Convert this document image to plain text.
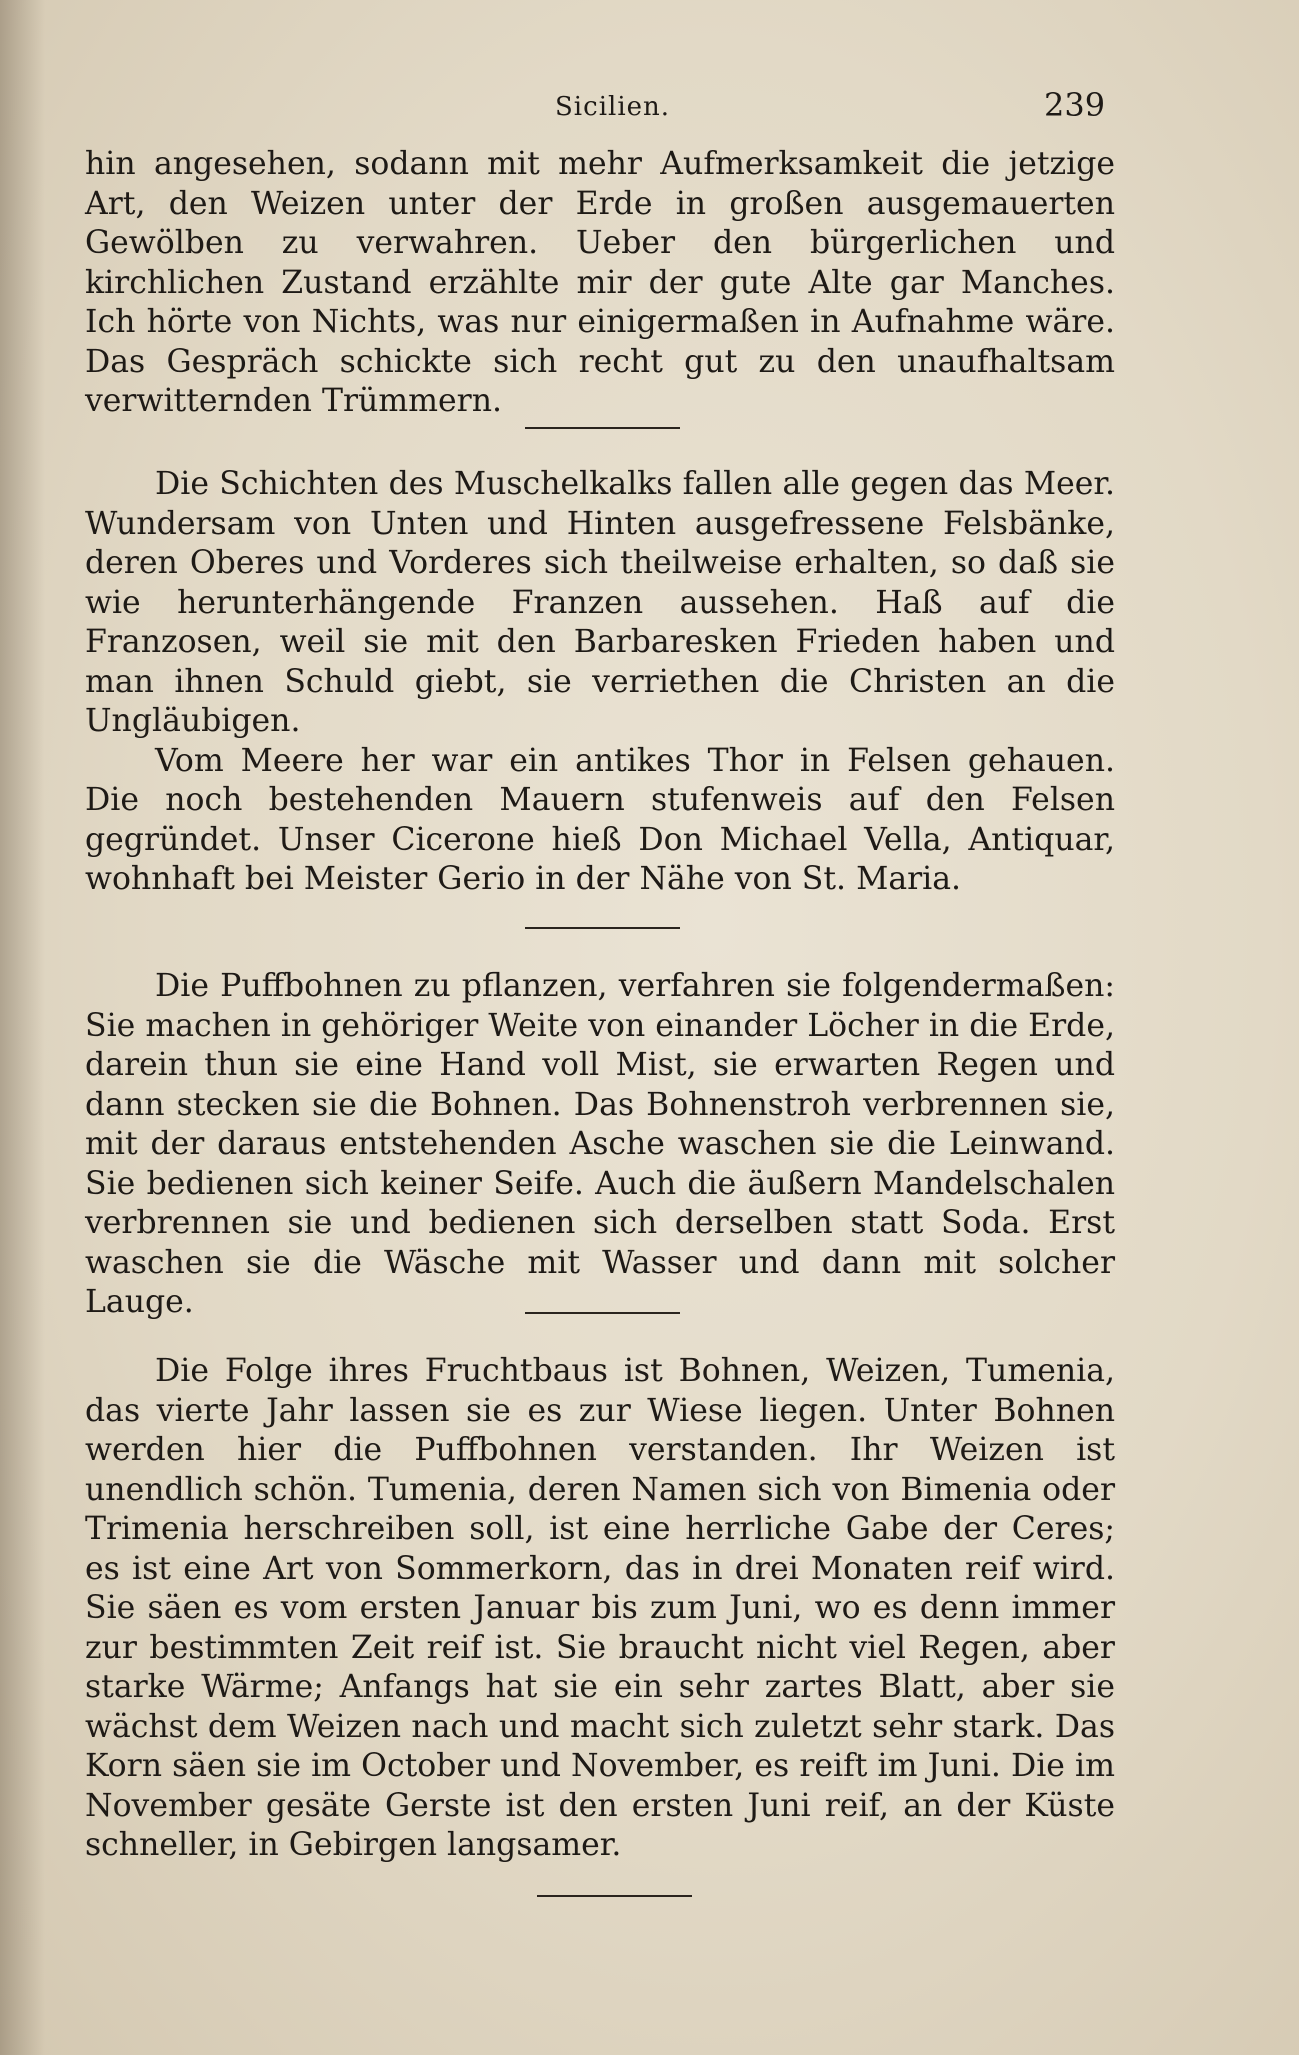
Sicilien.	239

hin angesehen, sodann mit mehr Aufmerksamkeit die jetzige Art, den Weizen unter der Erde in großen ausgemauerten Gewölben zu verwahren. Ueber den bürgerlichen und kirchlichen Zustand erzählte mir der gute Alte gar Manches. Ich hörte von Nichts, was nur einigermaßen in Aufnahme wäre. Das Gespräch schickte sich recht gut zu den unaufhaltsam verwitternden Trümmern.

Die Schichten des Muschelkalks fallen alle gegen das Meer. Wundersam von Unten und Hinten ausgefressene Felsbänke, deren Oberes und Vorderes sich theilweise erhalten, so daß sie wie herunterhängende Franzen aussehen. Haß auf die Franzosen, weil sie mit den Barbaresken Frieden haben und man ihnen Schuld giebt, sie verriethen die Christen an die Ungläubigen.

Vom Meere her war ein antikes Thor in Felsen gehauen. Die noch bestehenden Mauern stufenweis auf den Felsen gegründet. Unser Cicerone hieß Don Michael Vella, Antiquar, wohnhaft bei Meister Gerio in der Nähe von St. Maria.

Die Puffbohnen zu pflanzen, verfahren sie folgendermaßen: Sie machen in gehöriger Weite von einander Löcher in die Erde, darein thun sie eine Hand voll Mist, sie erwarten Regen und dann stecken sie die Bohnen. Das Bohnenstroh verbrennen sie, mit der daraus entstehenden Asche waschen sie die Leinwand. Sie bedienen sich keiner Seife. Auch die äußern Mandelschalen verbrennen sie und bedienen sich derselben statt Soda. Erst waschen sie die Wäsche mit Wasser und dann mit solcher Lauge.

Die Folge ihres Fruchtbaus ist Bohnen, Weizen, Tumenia, das vierte Jahr lassen sie es zur Wiese liegen. Unter Bohnen werden hier die Puffbohnen verstanden. Ihr Weizen ist unendlich schön. Tumenia, deren Namen sich von Bimenia oder Trimenia herschreiben soll, ist eine herrliche Gabe der Ceres; es ist eine Art von Sommerkorn, das in drei Monaten reif wird. Sie säen es vom ersten Januar bis zum Juni, wo es denn immer zur bestimmten Zeit reif ist. Sie braucht nicht viel Regen, aber starke Wärme; Anfangs hat sie ein sehr zartes Blatt, aber sie wächst dem Weizen nach und macht sich zuletzt sehr stark. Das Korn säen sie im October und November, es reift im Juni. Die im November gesäte Gerste ist den ersten Juni reif, an der Küste schneller, in Gebirgen langsamer.
